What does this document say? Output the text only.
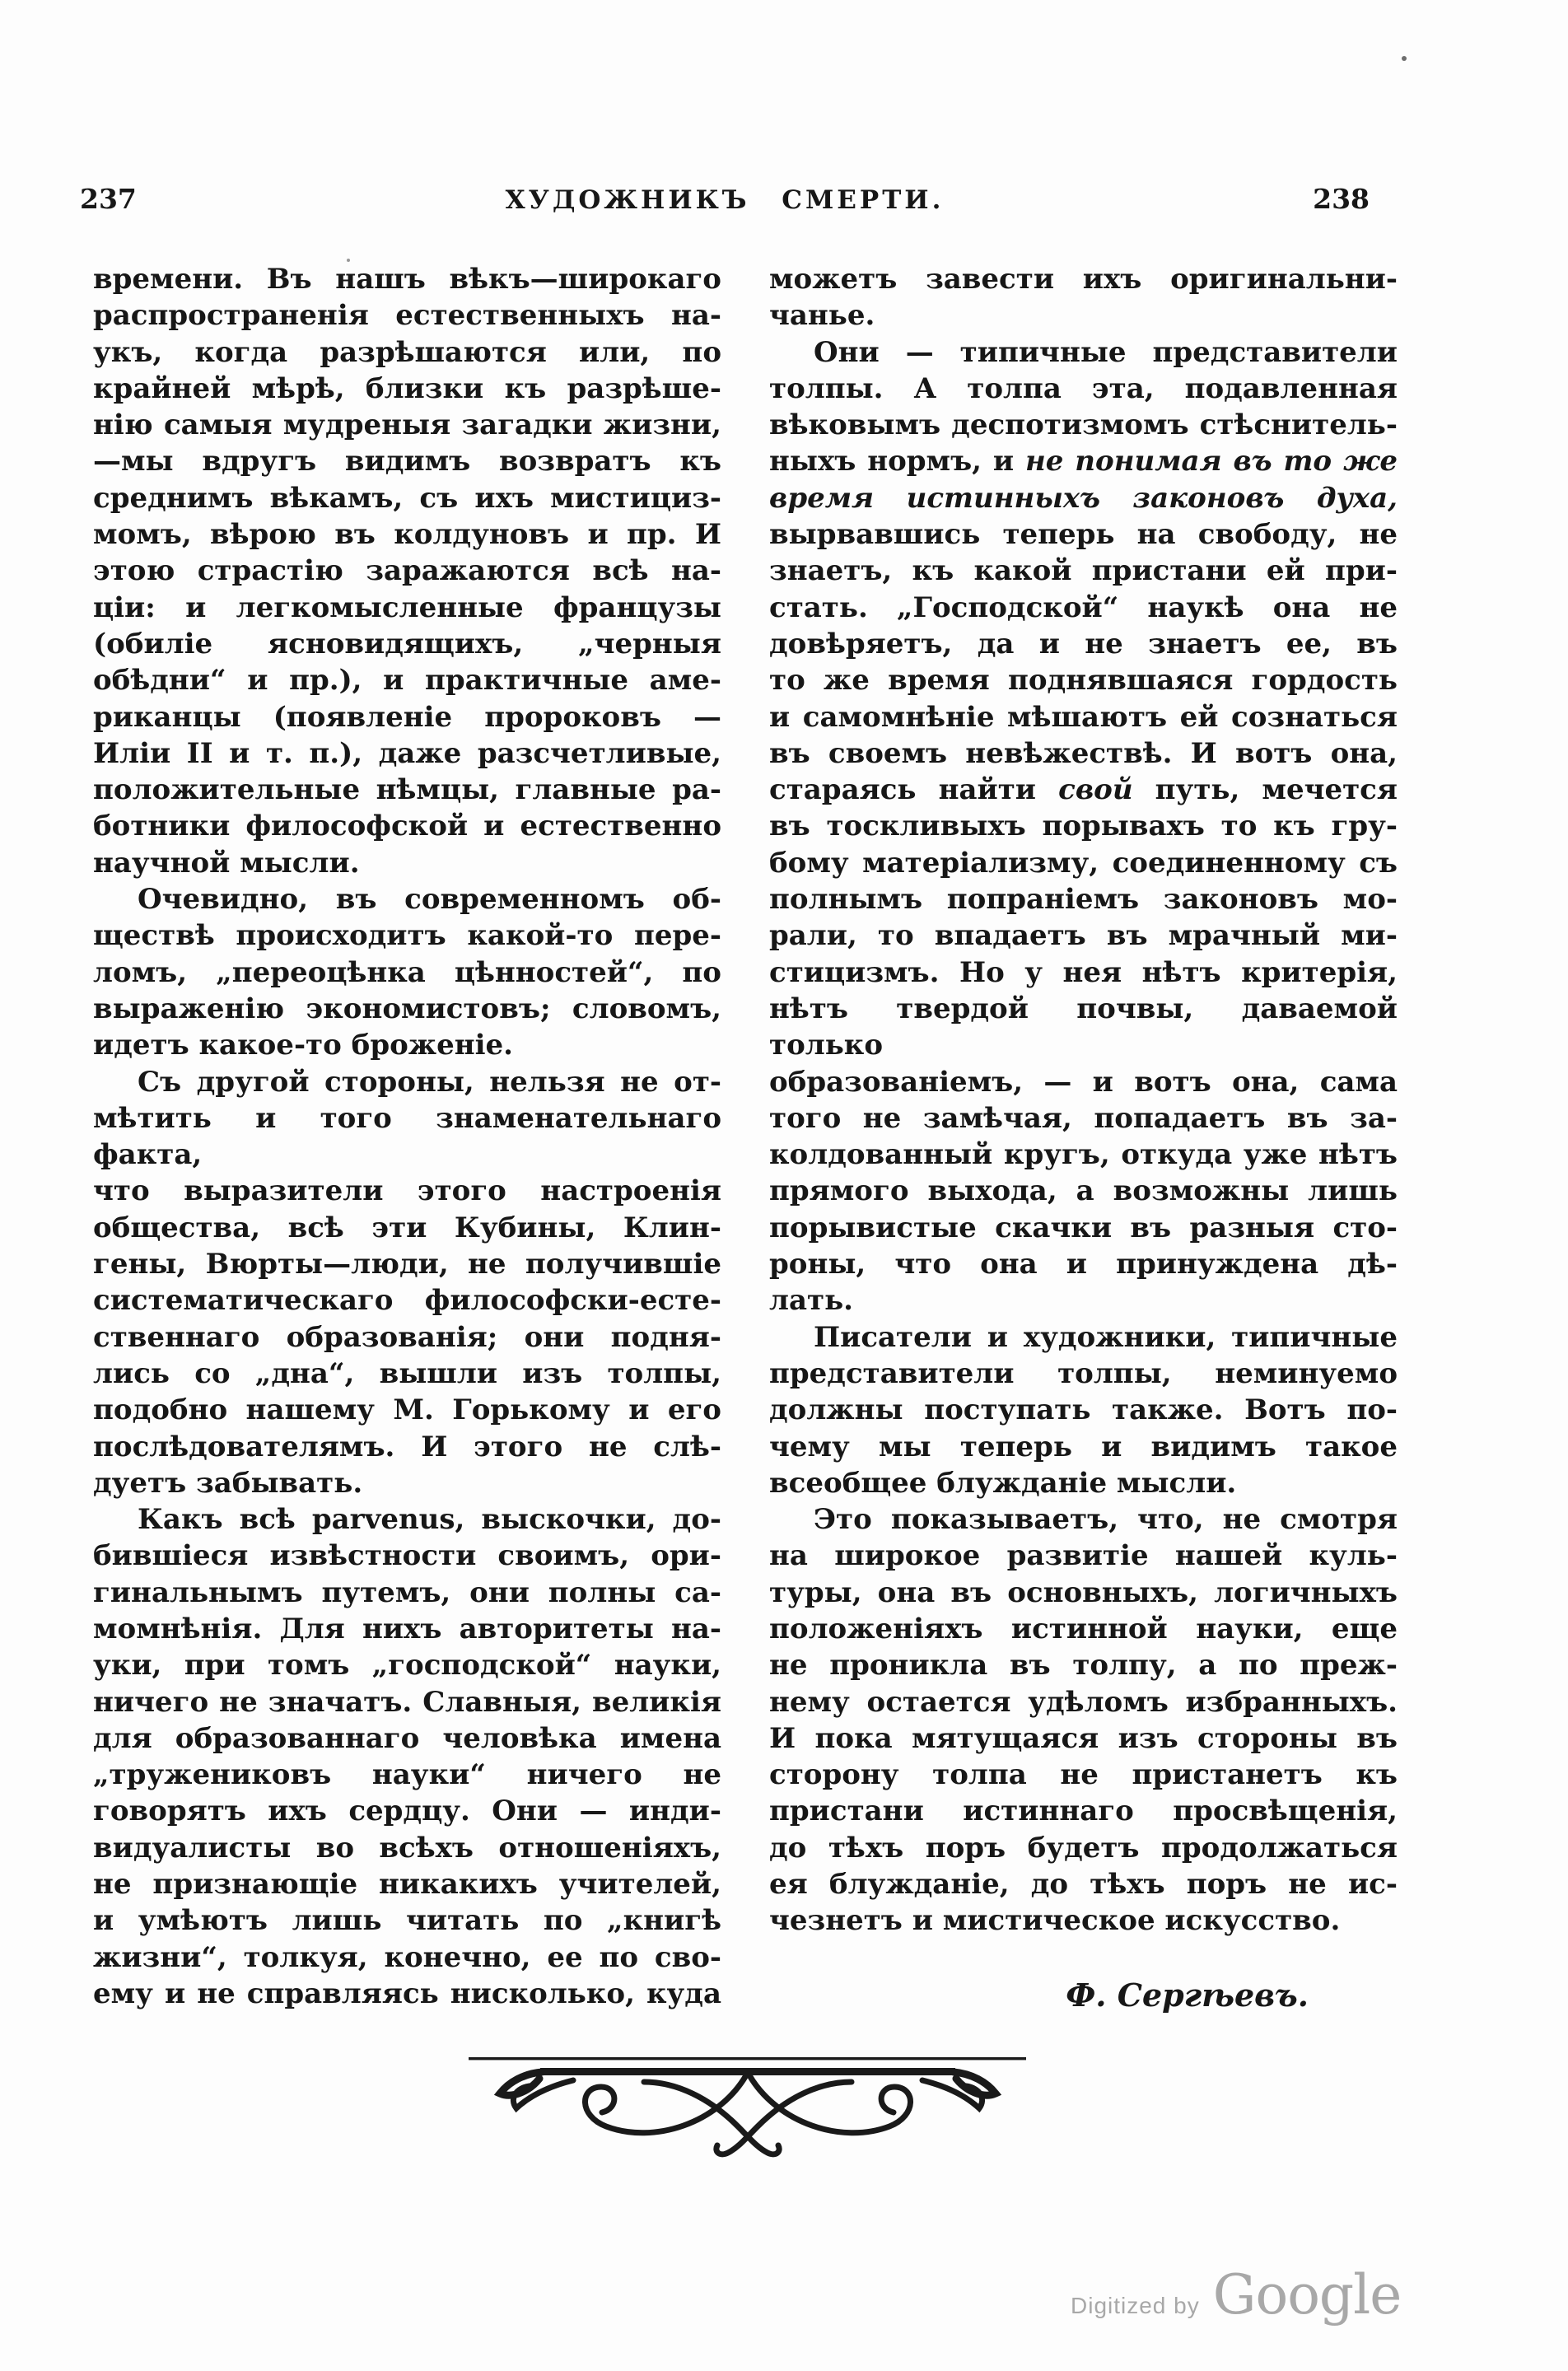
237	ХУДОЖНИКЪ СМЕРТИ.	238
времени. Въ нашъ вѣкъ—широкаго
распространенія естественныхъ на-
укъ, когда разрѣшаются или, по
крайней мѣрѣ, близки къ разрѣше-
нію самыя мудреныя загадки жизни,
—мы вдругъ видимъ возвратъ къ
среднимъ вѣкамъ, съ ихъ мистициз-
момъ, вѣрою въ колдуновъ и пр. И
этою страстію заражаются всѣ на-
ціи: и легкомысленные французы
(обиліе ясновидящихъ, „черныя
обѣдни“ и пр.), и практичные аме-
риканцы (появленіе пророковъ —
Иліи II и т. п.), даже разсчетливые,
положительные нѣмцы, главные ра-
ботники философской и естественно
научной мысли.
Очевидно, въ современномъ об-
ществѣ происходитъ какой-то пере-
ломъ, „переоцѣнка цѣнностей“, по
выраженію экономистовъ; словомъ,
идетъ какое-то броженіе.
Съ другой стороны, нельзя не от-
мѣтить и того знаменательнаго факта,
что выразители этого настроенія
общества, всѣ эти Кубины, Клин-
гены, Вюрты—люди, не получившіе
систематическаго философски-есте-
ственнаго образованія; они подня-
лись со „дна“, вышли изъ толпы,
подобно нашему М. Горькому и его
послѣдователямъ. И этого не слѣ-
дуетъ забывать.
Какъ всѣ parvenus, выскочки, до-
бившіеся извѣстности своимъ, ори-
гинальнымъ путемъ, они полны са-
момнѣнія. Для нихъ авторитеты на-
уки, при томъ „господской“ науки,
ничего не значатъ. Славныя, великія
для образованнаго человѣка имена
„тружениковъ науки“ ничего не
говорятъ ихъ сердцу. Они — инди-
видуалисты во всѣхъ отношеніяхъ,
не признающіе никакихъ учителей,
и умѣютъ лишь читать по „книгѣ
жизни“, толкуя, конечно, ее по сво-
ему и не справляясь нисколько, куда
можетъ завести ихъ оригинальни-
чанье.
Они — типичные представители
толпы. А толпа эта, подавленная
вѣковымъ деспотизмомъ стѣснитель-
ныхъ нормъ, и не понимая въ то же
время истинныхъ законовъ духа,
вырвавшись теперь на свободу, не
знаетъ, къ какой пристани ей при-
стать. „Господской“ наукѣ она не
довѣряетъ, да и не знаетъ ее, въ
то же время поднявшаяся гордость
и самомнѣніе мѣшаютъ ей сознаться
въ своемъ невѣжествѣ. И вотъ она,
стараясь найти свой путь, мечется
въ тоскливыхъ порывахъ то къ гру-
бому матеріализму, соединенному съ
полнымъ попраніемъ законовъ мо-
рали, то впадаетъ въ мрачный ми-
стицизмъ. Но у нея нѣтъ критерія,
нѣтъ твердой почвы, даваемой только
образованіемъ, — и вотъ она, сама
того не замѣчая, попадаетъ въ за-
колдованный кругъ, откуда уже нѣтъ
прямого выхода, а возможны лишь
порывистые скачки въ разныя сто-
роны, что она и принуждена дѣ-
лать.
Писатели и художники, типичные
представители толпы, неминуемо
должны поступать также. Вотъ по-
чему мы теперь и видимъ такое
всеобщее блужданіе мысли.
Это показываетъ, что, не смотря
на широкое развитіе нашей куль-
туры, она въ основныхъ, логичныхъ
положеніяхъ истинной науки, еще
не проникла въ толпу, а по преж-
нему остается удѣломъ избранныхъ.
И пока мятущаяся изъ стороны въ
сторону толпа не пристанетъ къ
пристани истиннаго просвѣщенія,
до тѣхъ поръ будетъ продолжаться
ея блужданіе, до тѣхъ поръ не ис-
чезнетъ и мистическое искусство.
Ф. Сергѣевъ.
Digitized by Google
